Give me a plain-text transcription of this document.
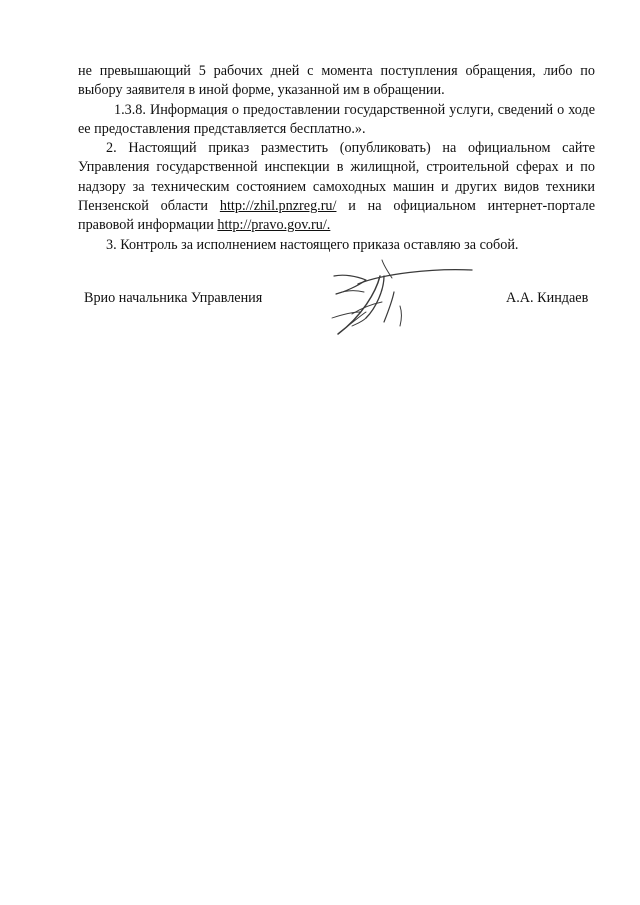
не превышающий 5 рабочих дней с момента поступления обращения, либо по выбору заявителя в иной форме, указанной им в обращении.

1.3.8. Информация о предоставлении государственной услуги, сведений о ходе ее предоставления представляется бесплатно.».

2. Настоящий приказ разместить (опубликовать) на официальном сайте Управления государственной инспекции в жилищной, строительной сферах и по надзору за техническим состоянием самоходных машин и других видов техники Пензенской области http://zhil.pnzreg.ru/ и на официальном интернет-портале правовой информации http://pravo.gov.ru/.

3. Контроль за исполнением настоящего приказа оставляю за собой.

Врио начальника Управления	А.А. Киндаев
